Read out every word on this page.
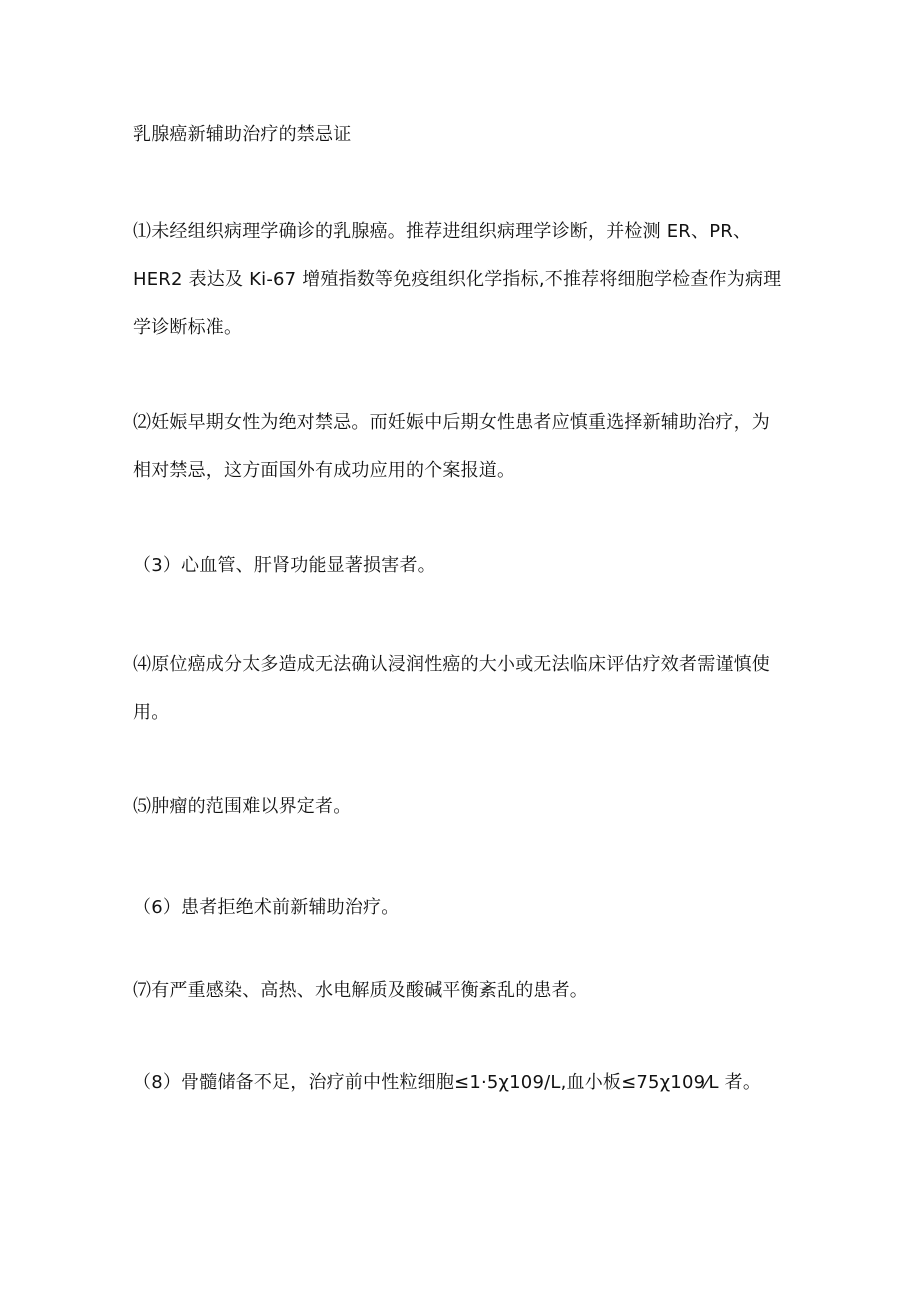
乳腺癌新辅助治疗的禁忌证

⑴未经组织病理学确诊的乳腺癌。推荐进组织病理学诊断，并检测 ER、PR、
HER2 表达及 Ki-67 增殖指数等免疫组织化学指标,不推荐将细胞学检查作为病理
学诊断标准。

⑵妊娠早期女性为绝对禁忌。而妊娠中后期女性患者应慎重选择新辅助治疗，为
相对禁忌，这方面国外有成功应用的个案报道。

（3）心血管、肝肾功能显著损害者。

⑷原位癌成分太多造成无法确认浸润性癌的大小或无法临床评估疗效者需谨慎使
用。

⑸肿瘤的范围难以界定者。

（6）患者拒绝术前新辅助治疗。

⑺有严重感染、高热、水电解质及酸碱平衡紊乱的患者。

（8）骨髓储备不足，治疗前中性粒细胞≤1·5χ109/L,血小板≤75χ109⁄L 者。
